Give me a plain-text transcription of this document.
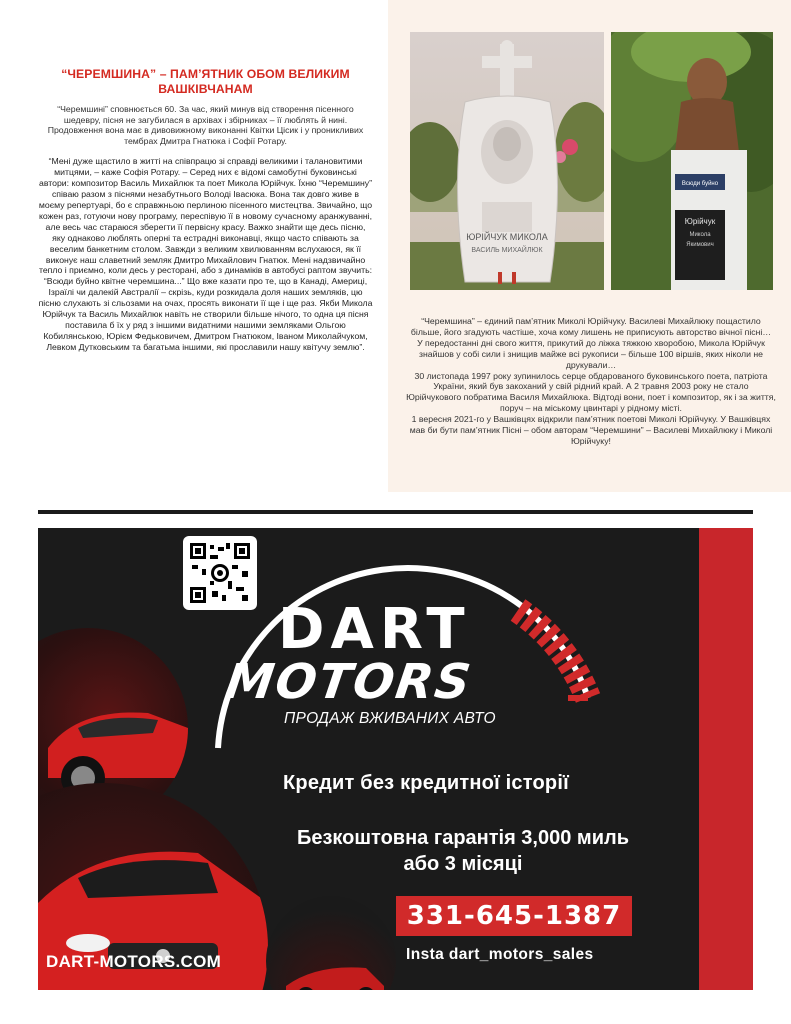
“ЧЕРЕМШИНА” – ПАМ’ЯТНИК ОБОМ ВЕЛИКИМ ВАШКІВЧАНАМ

“Черемшині” сповнюється 60. За час, який минув від створення пісенного шедевру, пісня не загубилася в архівах і збірниках – її люблять й нині. Продовження вона має в дивовижному виконанні Квітки Цісик і у проникливих тембрах Дмитра Гнатюка і Софії Ротару.

“Мені дуже щастило в житті на співпрацю зі справді великими і талановитими митцями, – каже Софія Ротару. – Серед них є відомі самобутні буковинські автори: композитор Василь Михайлюк та поет Микола Юрійчук. Їхню “Черемшину” співаю разом з піснями незабутнього Володі Івасюка. Вона так довго живе в моєму репертуарі, бо є справжньою перлиною пісенного мистецтва. Звичайно, що кожен раз, готуючи нову програму, переспівую її в новому сучасному аранжуванні, але весь час стараюся зберегти її первісну красу. Важко знайти ще десь пісню, яку однаково люблять оперні та естрадні виконавці, якщо часто співають за веселим банкетним столом. Завжди з великим хвилюванням вслухаюся, як її виконує наш славетний земляк Дмитро Михайлович Гнатюк. Мені надзвичайно тепло і приємно, коли десь у ресторані, або з динаміків в автобусі раптом звучить: “Всюди буйно квітне черемшина...” Що вже казати про те, що в Канаді, Америці, Ізраїлі чи далекій Австралії – скрізь, куди розкидала доля наших земляків, цю пісню слухають зі сльозами на очах, просять виконати її ще і ще раз. Якби Микола Юрійчук та Василь Михайлюк навіть не створили більше нічого, то одна ця пісня поставила б їх у ряд з іншими видатними нашими земляками Ольгою Кобилянською, Юрієм Федьковичем, Дмитром Гнатюком, Іваном Миколайчуком, Левком Дутковським та багатьма іншими, які прославили нашу квітучу землю”.

ЮРІЙЧУК МИКОЛА
ВАСИЛЬ МИХАЙЛЮК
Всюди буйно
Юрійчук
Микола
Якимович

“Черемшина” – єдиний пам’ятник Миколі Юрійчуку. Василеві Михайлюку пощастило більше, його згадують частіше, хоча кому лишень не приписують авторство вічної пісні…

У передостанні дні свого життя, прикутий до ліжка тяжкою хворобою, Микола Юрійчук знайшов у собі сили і знищив майже всі рукописи – більше 100 віршів, яких ніколи не друкували…

30 листопада 1997 року зупинилось серце обдарованого буковинського поета, патріота України, який був закоханий у свій рідний край. А 2 травня 2003 року не стало Юрійчукового побратима Василя Михайлюка. Відтоді вони, поет і композитор, як і за життя, поруч – на міському цвинтарі у рідному місті.

1 вересня 2021-го у Вашківцях відкрили пам’ятник поетові Миколі Юрійчуку. У Вашківцях мав би бути пам’ятник Пісні – обом авторам “Черемшини” – Василеві Михайлюку і Миколі Юрійчуку!

DART
MOTORS
ПРОДАЖ ВЖИВАНИХ АВТО
Кредит без кредитної історії
Безкоштовна гарантія 3,000 миль або 3 місяці
331-645-1387
Insta dart_motors_sales
DART-MOTORS.COM
